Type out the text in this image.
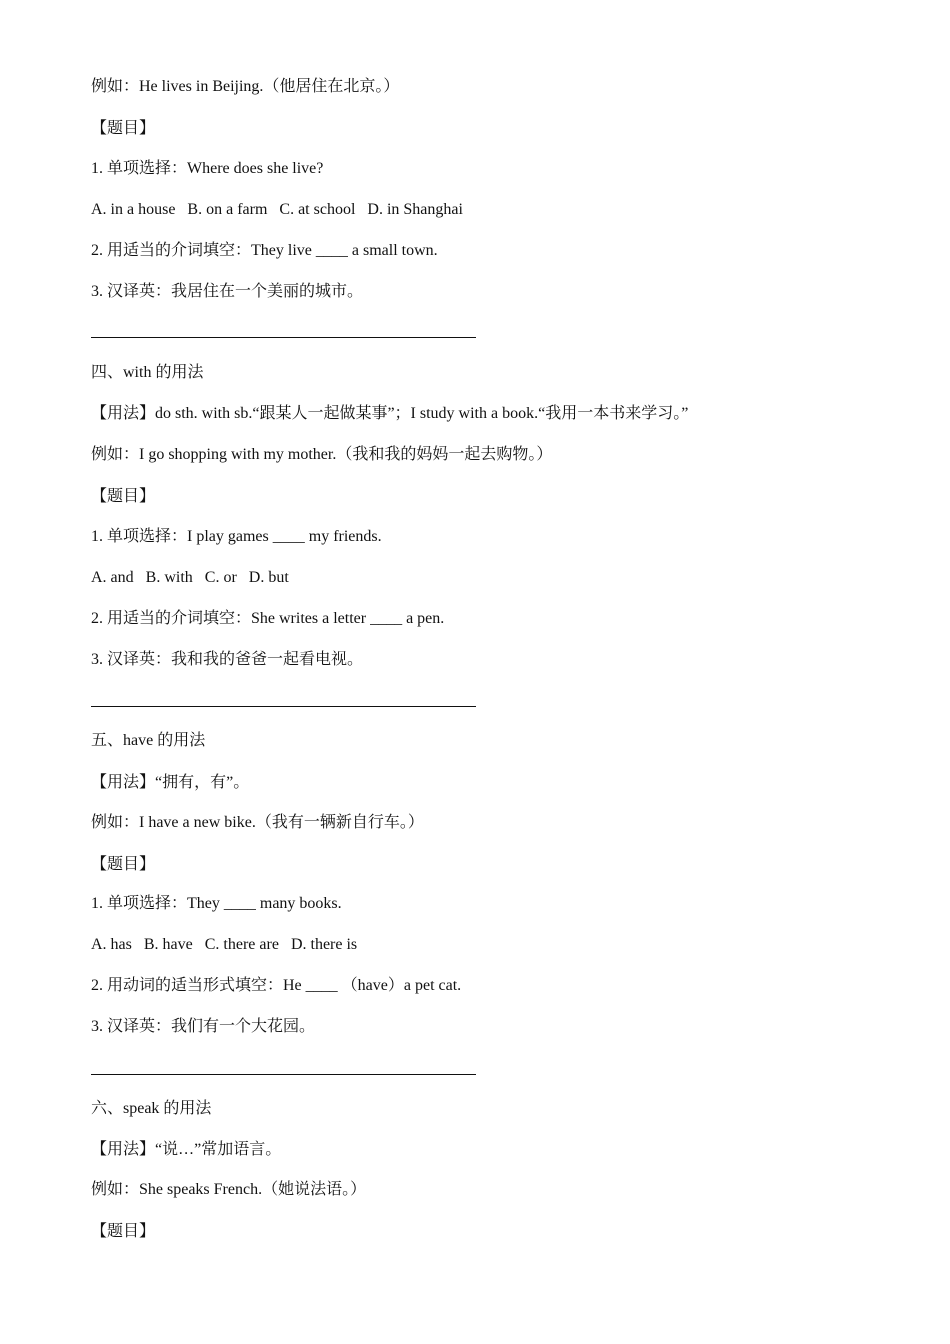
例如：He lives in Beijing.（他居住在北京。）
【题目】
1. 单项选择：Where does she live?
A. in a house   B. on a farm   C. at school   D. in Shanghai
2. 用适当的介词填空：They live ____ a small town.
3. 汉译英：我居住在一个美丽的城市。
四、with 的用法
【用法】do sth. with sb.“跟某人一起做某事”；I study with a book.“我用一本书来学习。”
例如：I go shopping with my mother.（我和我的妈妈一起去购物。）
【题目】
1. 单项选择：I play games ____ my friends.
A. and   B. with   C. or   D. but
2. 用适当的介词填空：She writes a letter ____ a pen.
3. 汉译英：我和我的爸爸一起看电视。
五、have 的用法
【用法】“拥有，有”。
例如：I have a new bike.（我有一辆新自行车。）
【题目】
1. 单项选择：They ____ many books.
A. has   B. have   C. there are   D. there is
2. 用动词的适当形式填空：He ____ （have）a pet cat.
3. 汉译英：我们有一个大花园。
六、speak 的用法
【用法】“说…”常加语言。
例如：She speaks French.（她说法语。）
【题目】
